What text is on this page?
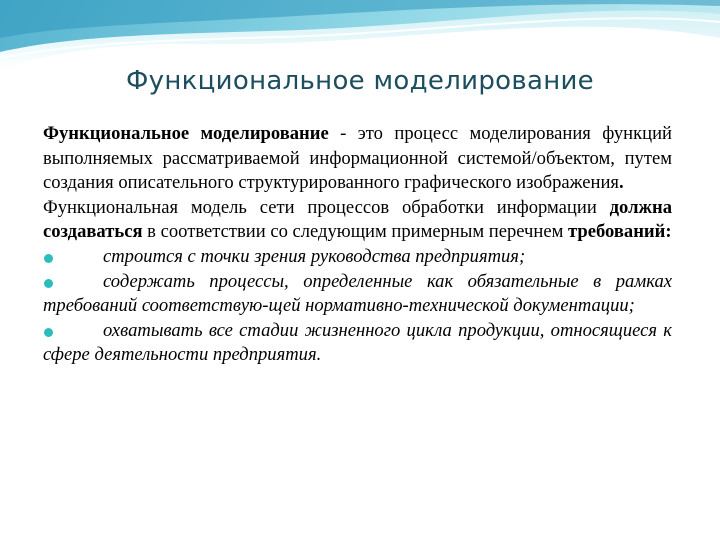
Функциональное моделирование

Функциональное моделирование - это процесс моделирования функций выполняемых рассматриваемой информационной системой/объектом, путем создания описательного структурированного графического изображения.

Функциональная модель сети процессов обработки информации должна создаваться в соответствии со следующим примерным перечнем требований:

строится с точки зрения руководства предприятия;

содержать процессы, определенные как обязательные в рамках требований соответствую-щей нормативно-технической документации;

охватывать все стадии жизненного цикла продукции, относящиеся к сфере деятельности предприятия.
